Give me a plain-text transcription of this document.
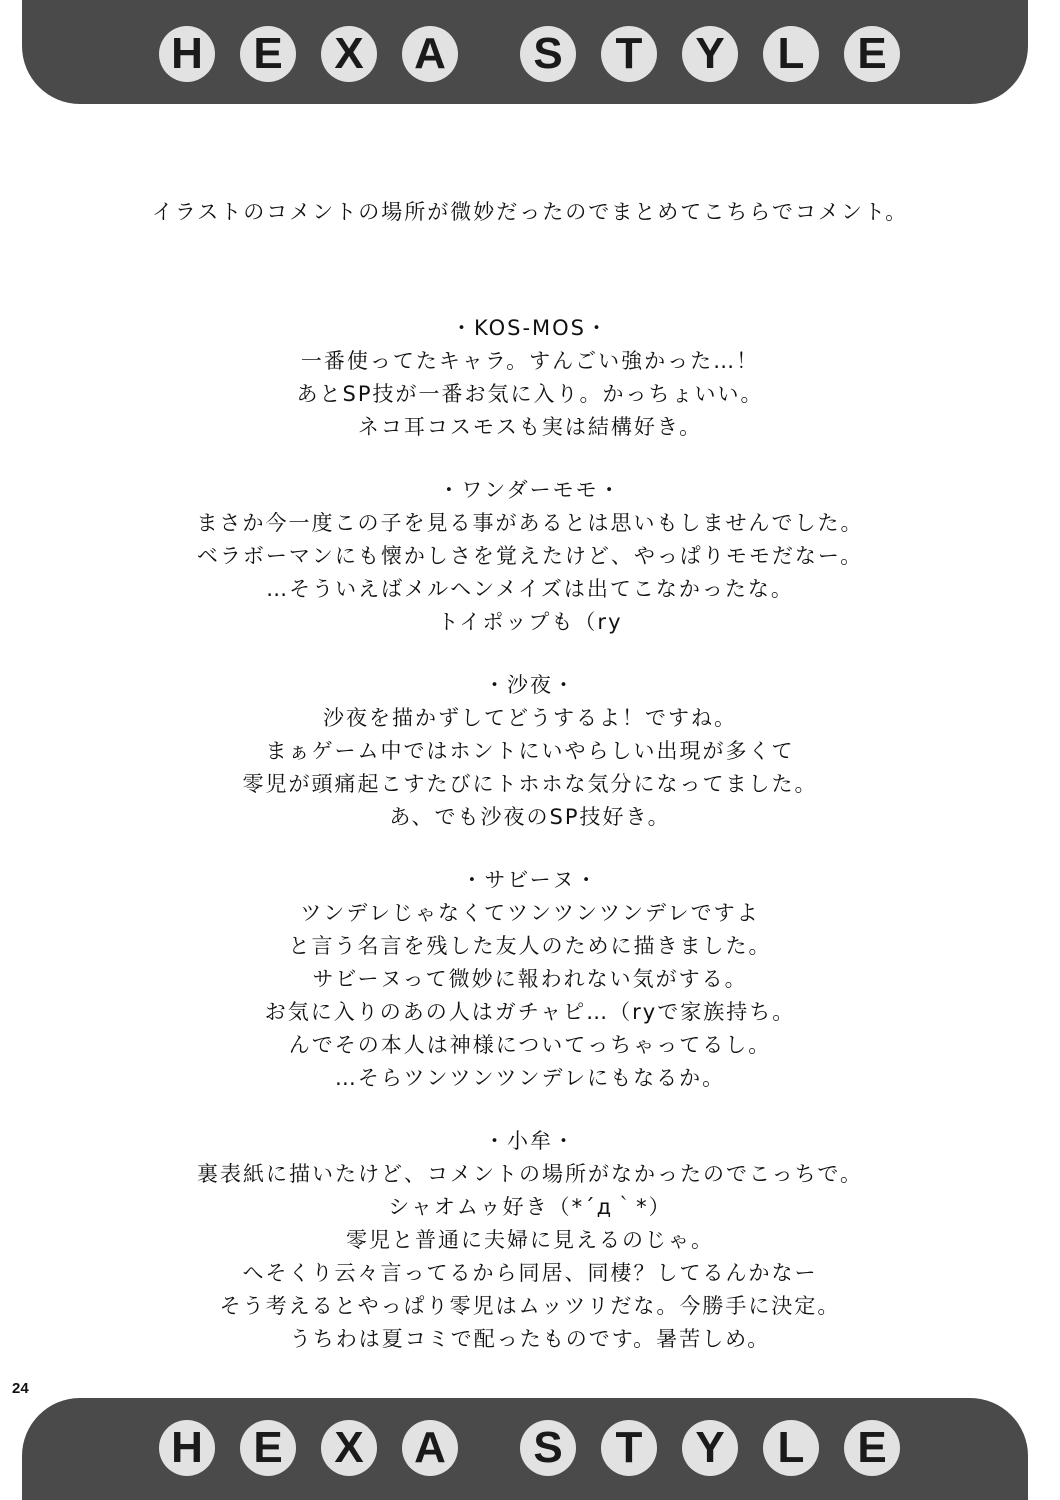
H	E	X	A	S	T	Y	L	E

イラストのコメントの場所が微妙だったのでまとめてこちらでコメント。

・KOS-MOS・

一番使ってたキャラ。すんごい強かった…！

あとSP技が一番お気に入り。かっちょいい。

ネコ耳コスモスも実は結構好き。

・ワンダーモモ・

まさか今一度この子を見る事があるとは思いもしませんでした。

ベラボーマンにも懐かしさを覚えたけど、やっぱりモモだなー。

…そういえばメルヘンメイズは出てこなかったな。

トイポップも（ry

・沙夜・

沙夜を描かずしてどうするよ！ですね。

まぁゲーム中ではホントにいやらしい出現が多くて

零児が頭痛起こすたびにトホホな気分になってました。

あ、でも沙夜のSP技好き。

・サビーヌ・

ツンデレじゃなくてツンツンツンデレですよ

と言う名言を残した友人のために描きました。

サビーヌって微妙に報われない気がする。

お気に入りのあの人はガチャピ…（ryで家族持ち。

んでその本人は神様についてっちゃってるし。

…そらツンツンツンデレにもなるか。

・小牟・

裏表紙に描いたけど、コメントの場所がなかったのでこっちで。

シャオムゥ好き（*´д｀*）

零児と普通に夫婦に見えるのじゃ。

へそくり云々言ってるから同居、同棲？してるんかなー

そう考えるとやっぱり零児はムッツリだな。今勝手に決定。

うちわは夏コミで配ったものです。暑苦しめ。

24
H	E	X	A	S	T	Y	L	E
